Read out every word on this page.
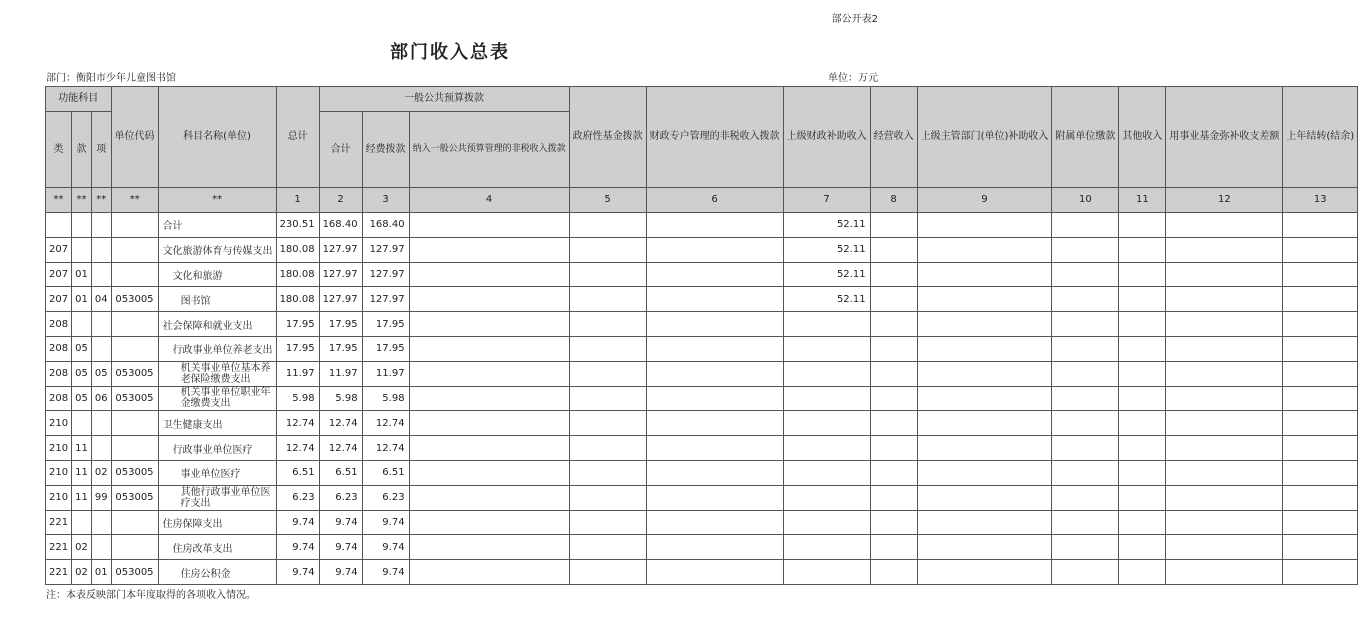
部公开表2
部门收入总表
部门：衡阳市少年儿童图书馆	单位：万元
功能科目			单位代码	科目名称(单位)	总计	一般公共预算拨款			政府性基金拨款	财政专户管理的非税收入拨款	上级财政补助收入	经营收入	上级主管部门(单位)补助收入	附属单位缴款	其他收入	用事业基金弥补收支差额	上年结转(结余)
类	款	项				合计	经费拨款	纳入一般公共预算管理的非税收入拨款									
**	**	**	**	**	1	2	3	4	5	6	7	8	9	10	11	12	13
				合计	230.51	168.40	168.40				52.11						
207				文化旅游体育与传媒支出	180.08	127.97	127.97				52.11						
207	01			文化和旅游	180.08	127.97	127.97				52.11						
207	01	04	053005	图书馆	180.08	127.97	127.97				52.11						
208				社会保障和就业支出	17.95	17.95	17.95										
208	05			行政事业单位养老支出	17.95	17.95	17.95										
208	05	05	053005	机关事业单位基本养老保险缴费支出	11.97	11.97	11.97										
208	05	06	053005	机关事业单位职业年金缴费支出	5.98	5.98	5.98										
210				卫生健康支出	12.74	12.74	12.74										
210	11			行政事业单位医疗	12.74	12.74	12.74										
210	11	02	053005	事业单位医疗	6.51	6.51	6.51										
210	11	99	053005	其他行政事业单位医疗支出	6.23	6.23	6.23										
221				住房保障支出	9.74	9.74	9.74										
221	02			住房改革支出	9.74	9.74	9.74										
221	02	01	053005	住房公积金	9.74	9.74	9.74										
注：本表反映部门本年度取得的各项收入情况。
